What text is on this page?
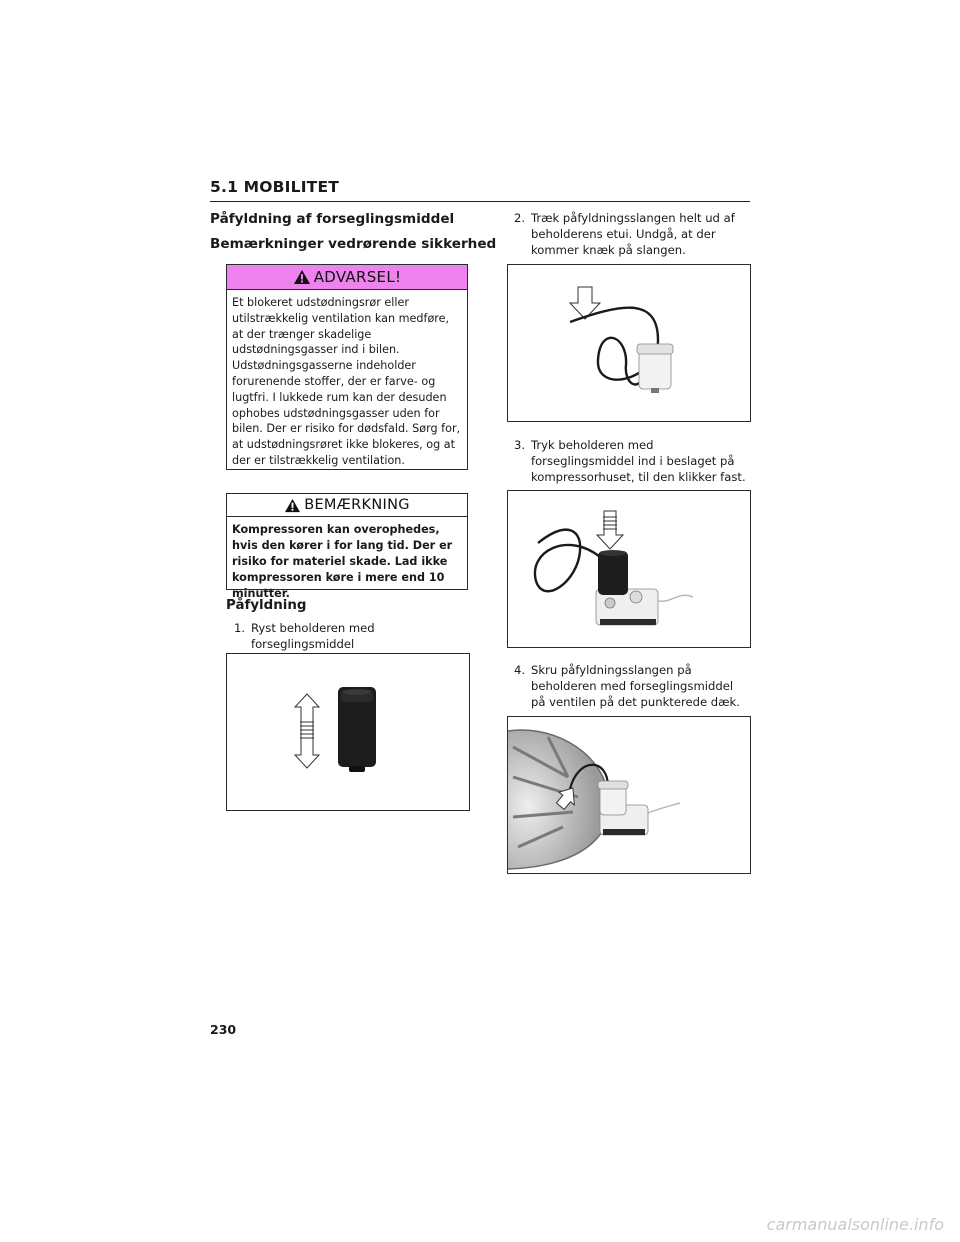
5.1 MOBILITET
Påfyldning af forseglingsmiddel
Bemærkninger vedrørende sikkerhed
ADVARSEL!
Et blokeret udstødningsrør eller utilstrækkelig ventilation kan medføre, at der trænger skadelige udstødningsgasser ind i bilen. Udstødningsgasserne indeholder forurenende stoffer, der er farve- og lugtfri. I lukkede rum kan der desuden ophobes udstødningsgasser uden for bilen. Der er risiko for dødsfald. Sørg for, at udstødningsrøret ikke blokeres, og at der er tilstrækkelig ventilation.
BEMÆRKNING
Kompressoren kan overophedes, hvis den kører i for lang tid. Der er risiko for materiel skade. Lad ikke kompressoren køre i mere end 10 minutter.
Påfyldning
1. Ryst beholderen med forseglingsmiddel
2. Træk påfyldningsslangen helt ud af beholderens etui. Undgå, at der kommer knæk på slangen.
3. Tryk beholderen med forseglingsmiddel ind i beslaget på kompressorhuset, til den klikker fast.
4. Skru påfyldningsslangen på beholderen med forseglingsmiddel på ventilen på det punkterede dæk.
230
carmanualsonline.info
